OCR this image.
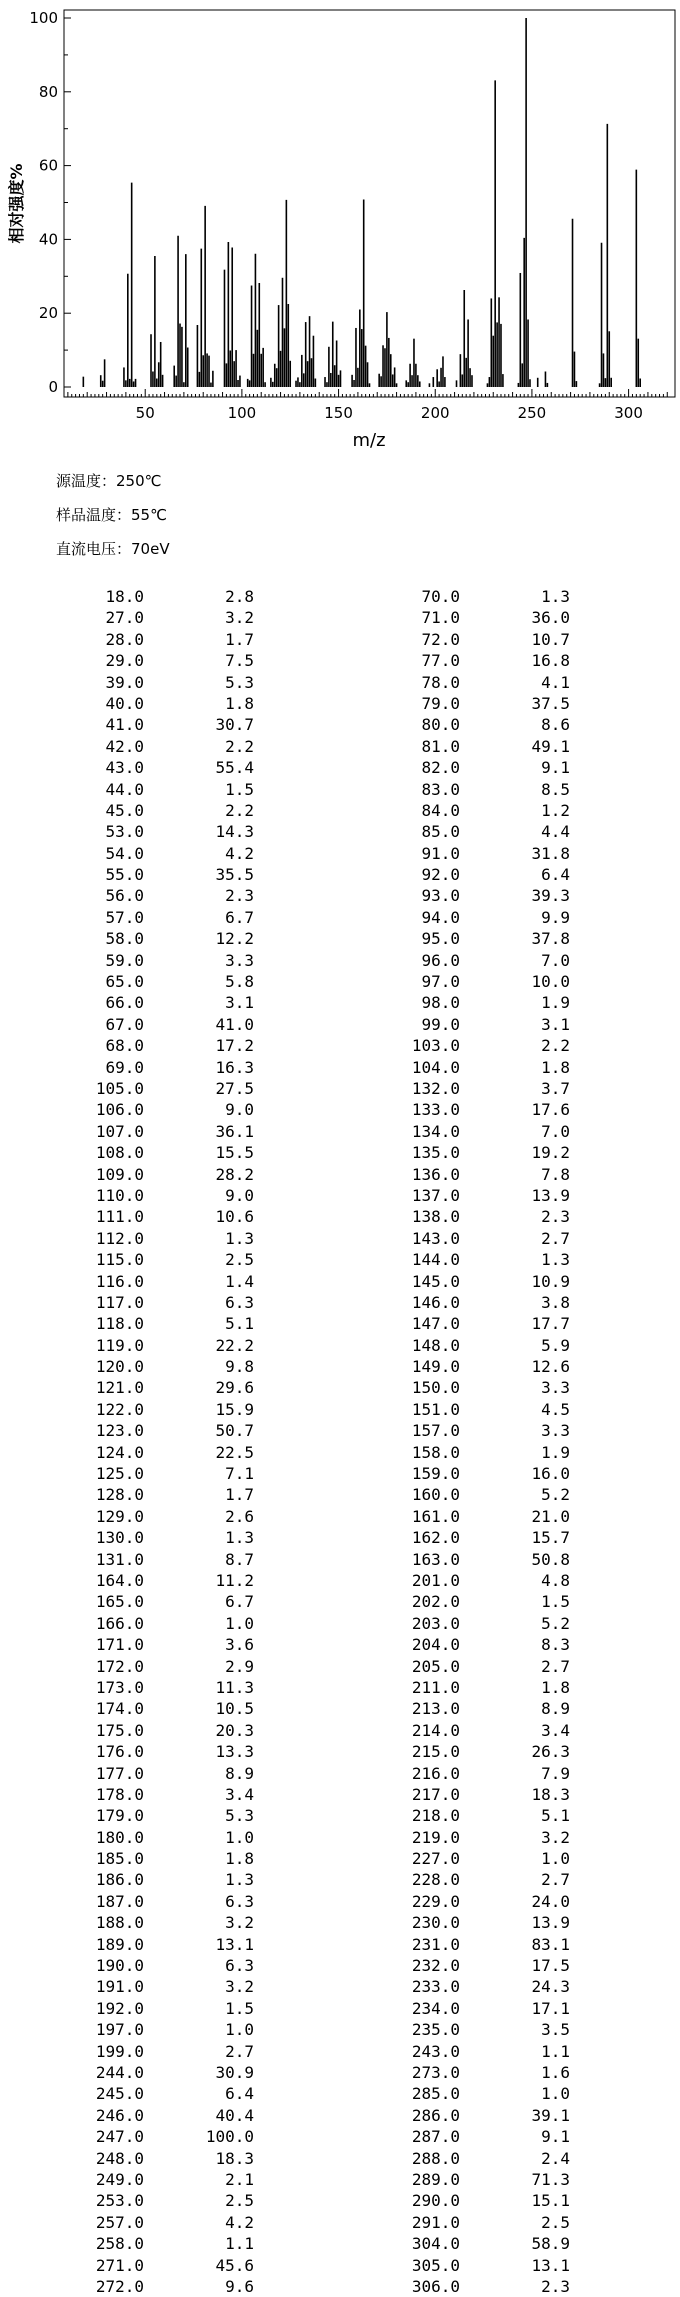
0
20
40
60
80
100
50	100	150	200	250	300
相对强度%
m/z
源温度：250℃
样品温度：55℃
直流电压：70eV
18.0	2.8	70.0	1.3
27.0	3.2	71.0	36.0
28.0	1.7	72.0	10.7
29.0	7.5	77.0	16.8
39.0	5.3	78.0	4.1
40.0	1.8	79.0	37.5
41.0	30.7	80.0	8.6
42.0	2.2	81.0	49.1
43.0	55.4	82.0	9.1
44.0	1.5	83.0	8.5
45.0	2.2	84.0	1.2
53.0	14.3	85.0	4.4
54.0	4.2	91.0	31.8
55.0	35.5	92.0	6.4
56.0	2.3	93.0	39.3
57.0	6.7	94.0	9.9
58.0	12.2	95.0	37.8
59.0	3.3	96.0	7.0
65.0	5.8	97.0	10.0
66.0	3.1	98.0	1.9
67.0	41.0	99.0	3.1
68.0	17.2	103.0	2.2
69.0	16.3	104.0	1.8
105.0	27.5	132.0	3.7
106.0	9.0	133.0	17.6
107.0	36.1	134.0	7.0
108.0	15.5	135.0	19.2
109.0	28.2	136.0	7.8
110.0	9.0	137.0	13.9
111.0	10.6	138.0	2.3
112.0	1.3	143.0	2.7
115.0	2.5	144.0	1.3
116.0	1.4	145.0	10.9
117.0	6.3	146.0	3.8
118.0	5.1	147.0	17.7
119.0	22.2	148.0	5.9
120.0	9.8	149.0	12.6
121.0	29.6	150.0	3.3
122.0	15.9	151.0	4.5
123.0	50.7	157.0	3.3
124.0	22.5	158.0	1.9
125.0	7.1	159.0	16.0
128.0	1.7	160.0	5.2
129.0	2.6	161.0	21.0
130.0	1.3	162.0	15.7
131.0	8.7	163.0	50.8
164.0	11.2	201.0	4.8
165.0	6.7	202.0	1.5
166.0	1.0	203.0	5.2
171.0	3.6	204.0	8.3
172.0	2.9	205.0	2.7
173.0	11.3	211.0	1.8
174.0	10.5	213.0	8.9
175.0	20.3	214.0	3.4
176.0	13.3	215.0	26.3
177.0	8.9	216.0	7.9
178.0	3.4	217.0	18.3
179.0	5.3	218.0	5.1
180.0	1.0	219.0	3.2
185.0	1.8	227.0	1.0
186.0	1.3	228.0	2.7
187.0	6.3	229.0	24.0
188.0	3.2	230.0	13.9
189.0	13.1	231.0	83.1
190.0	6.3	232.0	17.5
191.0	3.2	233.0	24.3
192.0	1.5	234.0	17.1
197.0	1.0	235.0	3.5
199.0	2.7	243.0	1.1
244.0	30.9	273.0	1.6
245.0	6.4	285.0	1.0
246.0	40.4	286.0	39.1
247.0	100.0	287.0	9.1
248.0	18.3	288.0	2.4
249.0	2.1	289.0	71.3
253.0	2.5	290.0	15.1
257.0	4.2	291.0	2.5
258.0	1.1	304.0	58.9
271.0	45.6	305.0	13.1
272.0	9.6	306.0	2.3
